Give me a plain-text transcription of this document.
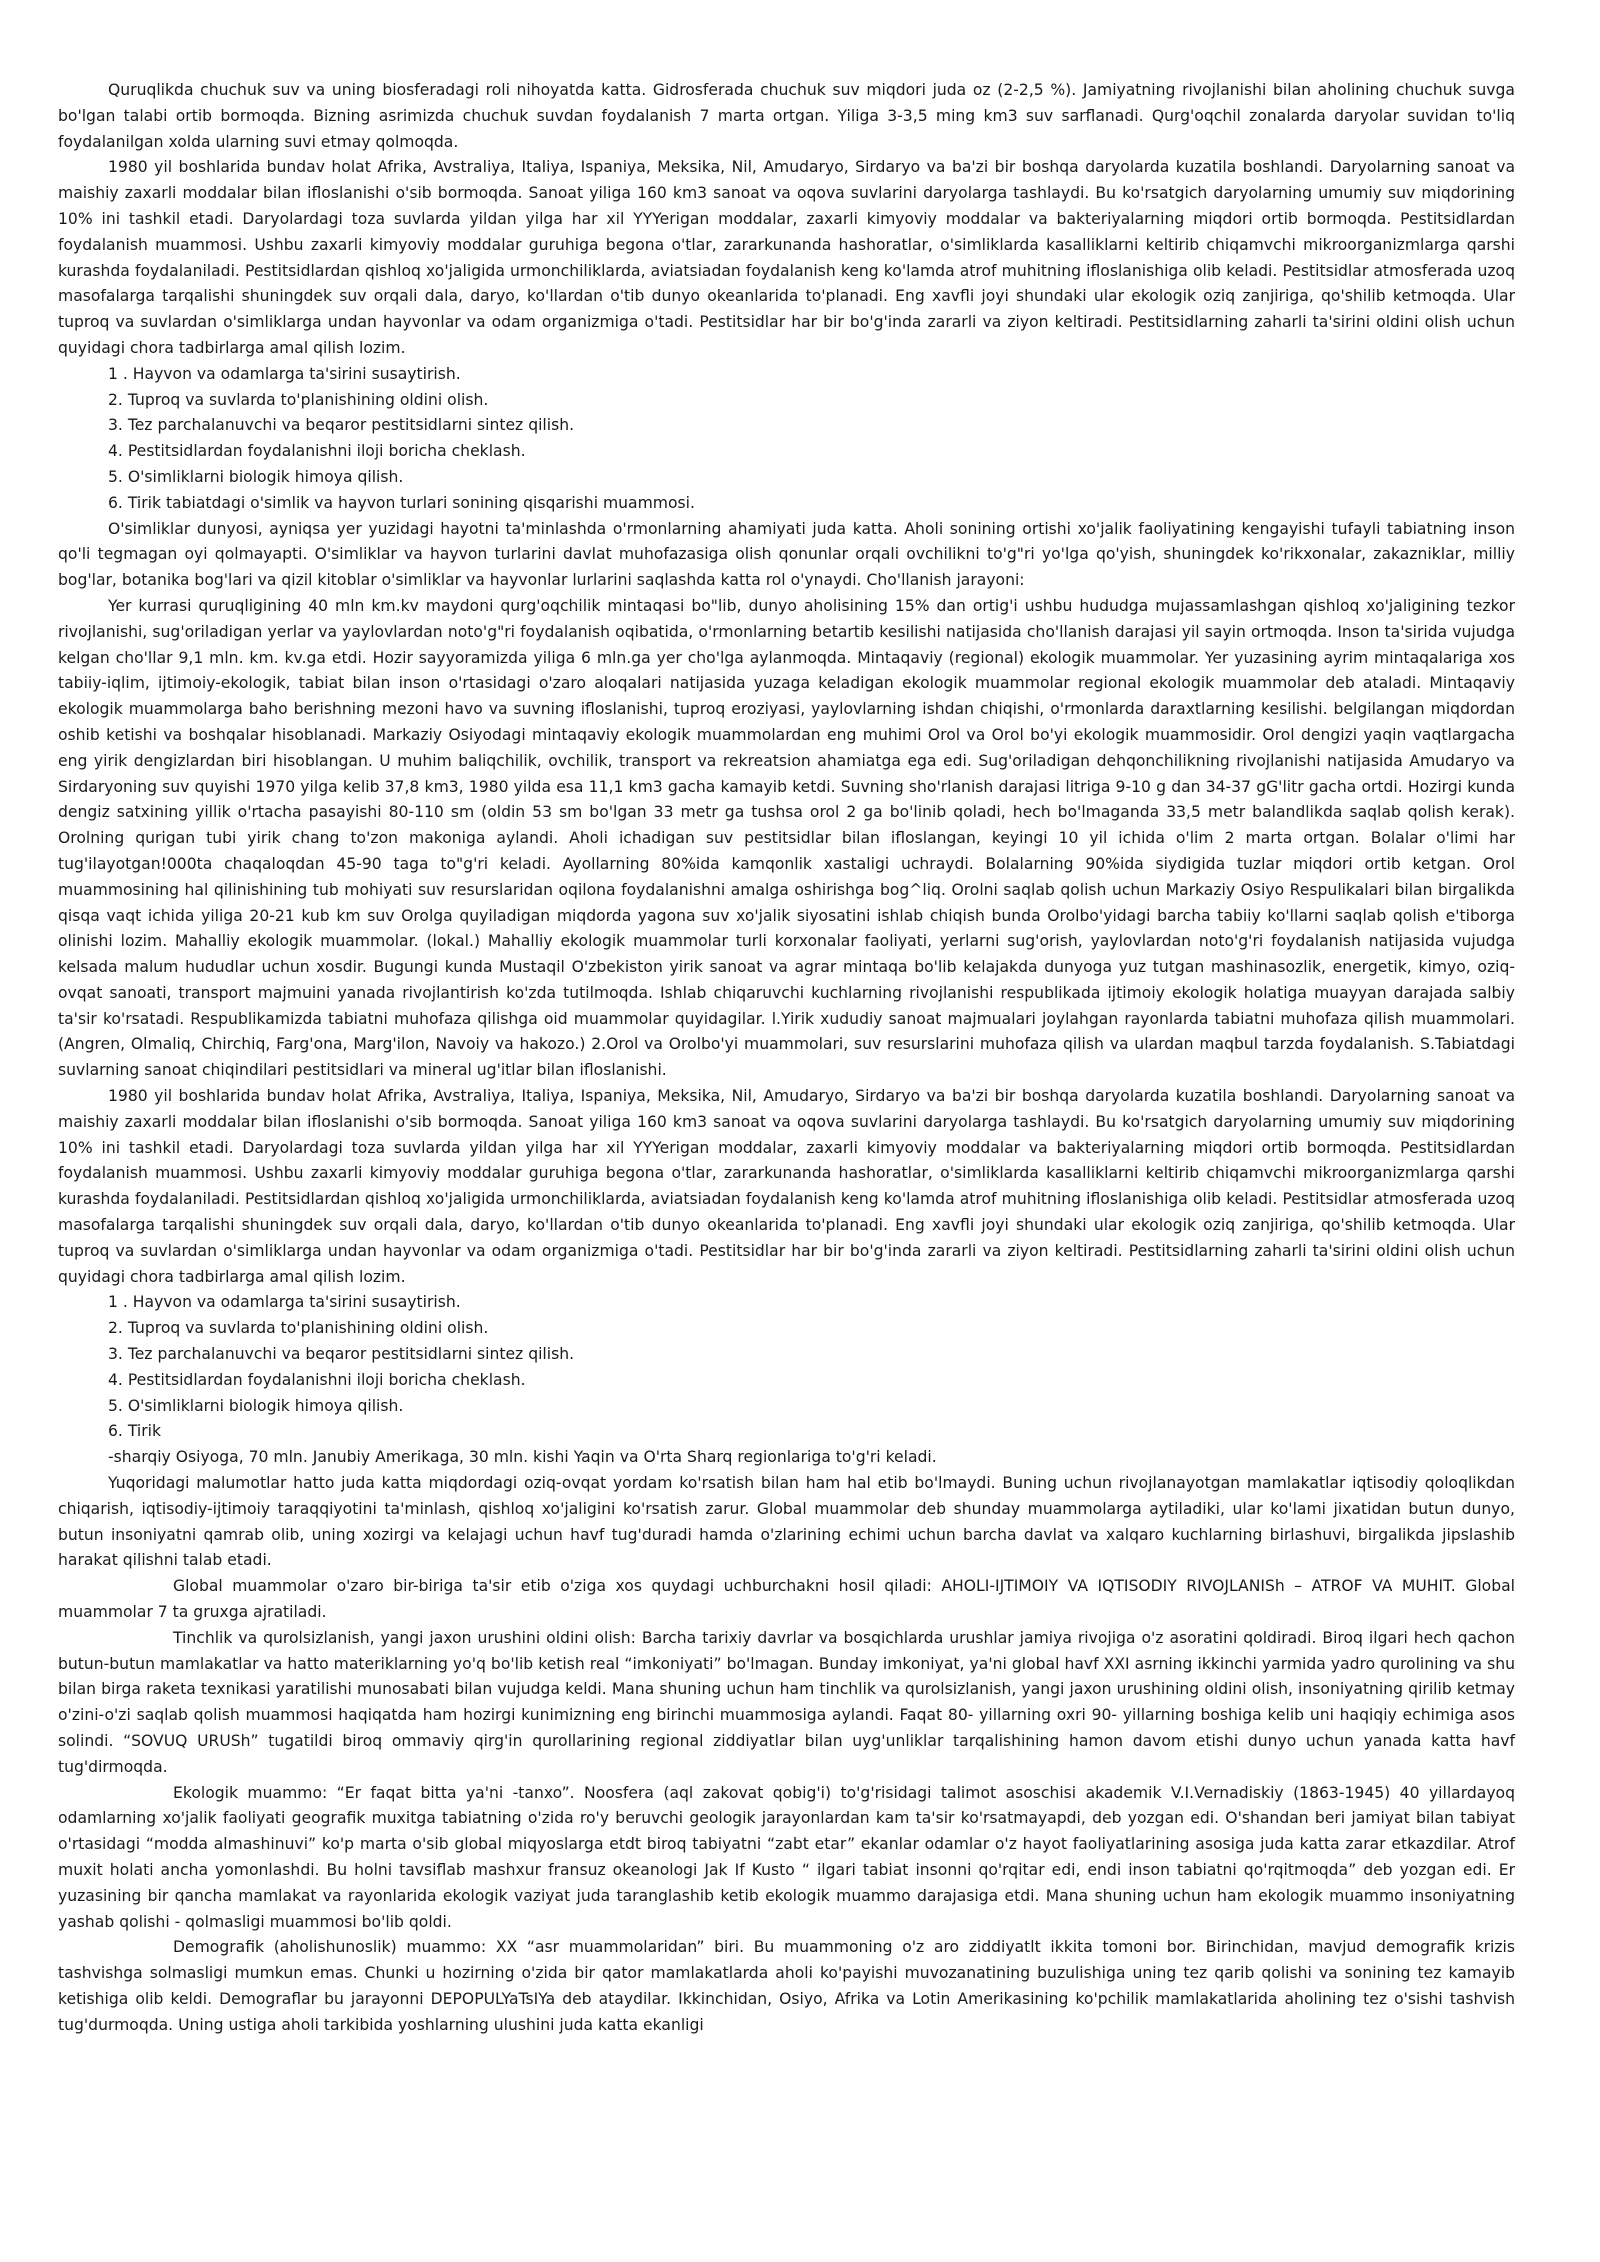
Quruqlikda chuchuk suv va uning biosferadagi roli nihoyatda katta. Gidrosferada chuchuk suv miqdori juda oz (2-2,5 %). Jamiyatning rivojlanishi bilan aholining chuchuk suvga bo'lgan talabi ortib bormoqda. Bizning asrimizda chuchuk suvdan foydalanish 7 marta ortgan. Yiliga 3-3,5 ming km3 suv sarflanadi. Qurg'oqchil zonalarda daryolar suvidan to'liq foydalanilgan xolda ularning suvi etmay qolmoqda.

1980 yil boshlarida bundav holat Afrika, Avstraliya, Italiya, Ispaniya, Meksika, Nil, Amudaryo, Sirdaryo va ba'zi bir boshqa daryolarda kuzatila boshlandi. Daryolarning sanoat va maishiy zaxarli moddalar bilan ifloslanishi o'sib bormoqda. Sanoat yiliga 160 km3 sanoat va oqova suvlarini daryolarga tashlaydi. Bu ko'rsatgich daryolarning umumiy suv miqdorining 10% ini tashkil etadi. Daryolardagi toza suvlarda yildan yilga har xil YYYerigan moddalar, zaxarli kimyoviy moddalar va bakteriyalarning miqdori ortib bormoqda. Pestitsidlardan foydalanish muammosi. Ushbu zaxarli kimyoviy moddalar guruhiga begona o'tlar, zararkunanda hashoratlar, o'simliklarda kasalliklarni keltirib chiqamvchi mikroorganizmlarga qarshi kurashda foydalaniladi. Pestitsidlardan qishloq xo'jaligida urmonchiliklarda, aviatsiadan foydalanish keng ko'lamda atrof muhitning ifloslanishiga olib keladi. Pestitsidlar atmosferada uzoq masofalarga tarqalishi shuningdek suv orqali dala, daryo, ko'llardan o'tib dunyo okeanlarida to'planadi. Eng xavfli joyi shundaki ular ekologik oziq zanjiriga, qo'shilib ketmoqda. Ular tuproq va suvlardan o'simliklarga undan hayvonlar va odam organizmiga o'tadi. Pestitsidlar har bir bo'g'inda zararli va ziyon keltiradi. Pestitsidlarning zaharli ta'sirini oldini olish uchun quyidagi chora tadbirlarga amal qilish lozim.

1 . Hayvon va odamlarga ta'sirini susaytirish.

2. Tuproq va suvlarda to'planishining oldini olish.

3. Tez parchalanuvchi va beqaror pestitsidlarni sintez qilish.

4. Pestitsidlardan foydalanishni iloji boricha cheklash.

5. O'simliklarni biologik himoya qilish.

6. Tirik tabiatdagi o'simlik va hayvon turlari sonining qisqarishi muammosi.

O'simliklar dunyosi, ayniqsa yer yuzidagi hayotni ta'minlashda o'rmonlarning ahamiyati juda katta. Aholi sonining ortishi xo'jalik faoliyatining kengayishi tufayli tabiatning inson qo'li tegmagan oyi qolmayapti. O'simliklar va hayvon turlarini davlat muhofazasiga olish qonunlar orqali ovchilikni to'g"ri yo'lga qo'yish, shuningdek ko'rikxonalar, zakazniklar, milliy bog'lar, botanika bog'lari va qizil kitoblar o'simliklar va hayvonlar lurlarini saqlashda katta rol o'ynaydi. Cho'llanish jarayoni:

Yer kurrasi quruqligining 40 mln km.kv maydoni qurg'oqchilik mintaqasi bo"lib, dunyo aholisining 15% dan ortig'i ushbu hududga mujassamlashgan qishloq xo'jaligining tezkor rivojlanishi, sug'oriladigan yerlar va yaylovlardan noto'g"ri foydalanish oqibatida, o'rmonlarning betartib kesilishi natijasida cho'llanish darajasi yil sayin ortmoqda. Inson ta'sirida vujudga kelgan cho'llar 9,1 mln. km. kv.ga etdi. Hozir sayyoramizda yiliga 6 mln.ga yer cho'lga aylanmoqda. Mintaqaviy (regional) ekologik muammolar. Yer yuzasining ayrim mintaqalariga xos tabiiy-iqlim, ijtimoiy-ekologik, tabiat bilan inson o'rtasidagi o'zaro aloqalari natijasida yuzaga keladigan ekologik muammolar regional ekologik muammolar deb ataladi. Mintaqaviy ekologik muammolarga baho berishning mezoni havo va suvning ifloslanishi, tuproq eroziyasi, yaylovlarning ishdan chiqishi, o'rmonlarda daraxtlarning kesilishi. belgilangan miqdordan oshib ketishi va boshqalar hisoblanadi. Markaziy Osiyodagi mintaqaviy ekologik muammolardan eng muhimi Orol va Orol bo'yi ekologik muammosidir. Orol dengizi yaqin vaqtlargacha eng yirik dengizlardan biri hisoblangan. U muhim baliqchilik, ovchilik, transport va rekreatsion ahamiatga ega edi. Sug'oriladigan dehqonchilikning rivojlanishi natijasida Amudaryo va Sirdaryoning suv quyishi 1970 yilga kelib 37,8 km3, 1980 yilda esa 11,1 km3 gacha kamayib ketdi. Suvning sho'rlanish darajasi litriga 9-10 g dan 34-37 gG'litr gacha ortdi. Hozirgi kunda dengiz satxining yillik o'rtacha pasayishi 80-110 sm (oldin 53 sm bo'lgan 33 metr ga tushsa orol 2 ga bo'linib qoladi, hech bo'lmaganda 33,5 metr balandlikda saqlab qolish kerak). Orolning qurigan tubi yirik chang to'zon makoniga aylandi. Aholi ichadigan suv pestitsidlar bilan ifloslangan, keyingi 10 yil ichida o'lim 2 marta ortgan. Bolalar o'limi har tug'ilayotgan!000ta chaqaloqdan 45-90 taga to"g'ri keladi. Ayollarning 80%ida kamqonlik xastaligi uchraydi. Bolalarning 90%ida siydigida tuzlar miqdori ortib ketgan. Orol muammosining hal qilinishining tub mohiyati suv resurslaridan oqilona foydalanishni amalga oshirishga bog^liq. Orolni saqlab qolish uchun Markaziy Osiyo Respulikalari bilan birgalikda qisqa vaqt ichida yiliga 20-21 kub km suv Orolga quyiladigan miqdorda yagona suv xo'jalik siyosatini ishlab chiqish bunda Orolbo'yidagi barcha tabiiy ko'llarni saqlab qolish e'tiborga olinishi lozim. Mahalliy ekologik muammolar. (lokal.) Mahalliy ekologik muammolar turli korxonalar faoliyati, yerlarni sug'orish, yaylovlardan noto'g'ri foydalanish natijasida vujudga kelsada malum hududlar uchun xosdir. Bugungi kunda Mustaqil O'zbekiston yirik sanoat va agrar mintaqa bo'lib kelajakda dunyoga yuz tutgan mashinasozlik, energetik, kimyo, oziq-ovqat sanoati, transport majmuini yanada rivojlantirish ko'zda tutilmoqda. Ishlab chiqaruvchi kuchlarning rivojlanishi respublikada ijtimoiy ekologik holatiga muayyan darajada salbiy ta'sir ko'rsatadi. Respublikamizda tabiatni muhofaza qilishga oid muammolar quyidagilar. l.Yirik xududiy sanoat majmualari joylahgan rayonlarda tabiatni muhofaza qilish muammolari. (Angren, Olmaliq, Chirchiq, Farg'ona, Marg'ilon, Navoiy va hakozo.) 2.Orol va Orolbo'yi muammolari, suv resurslarini muhofaza qilish va ulardan maqbul tarzda foydalanish. S.Tabiatdagi suvlarning sanoat chiqindilari pestitsidlari va mineral ug'itlar bilan ifloslanishi.

1980 yil boshlarida bundav holat Afrika, Avstraliya, Italiya, Ispaniya, Meksika, Nil, Amudaryo, Sirdaryo va ba'zi bir boshqa daryolarda kuzatila boshlandi. Daryolarning sanoat va maishiy zaxarli moddalar bilan ifloslanishi o'sib bormoqda. Sanoat yiliga 160 km3 sanoat va oqova suvlarini daryolarga tashlaydi. Bu ko'rsatgich daryolarning umumiy suv miqdorining 10% ini tashkil etadi. Daryolardagi toza suvlarda yildan yilga har xil YYYerigan moddalar, zaxarli kimyoviy moddalar va bakteriyalarning miqdori ortib bormoqda. Pestitsidlardan foydalanish muammosi. Ushbu zaxarli kimyoviy moddalar guruhiga begona o'tlar, zararkunanda hashoratlar, o'simliklarda kasalliklarni keltirib chiqamvchi mikroorganizmlarga qarshi kurashda foydalaniladi. Pestitsidlardan qishloq xo'jaligida urmonchiliklarda, aviatsiadan foydalanish keng ko'lamda atrof muhitning ifloslanishiga olib keladi. Pestitsidlar atmosferada uzoq masofalarga tarqalishi shuningdek suv orqali dala, daryo, ko'llardan o'tib dunyo okeanlarida to'planadi. Eng xavfli joyi shundaki ular ekologik oziq zanjiriga, qo'shilib ketmoqda. Ular tuproq va suvlardan o'simliklarga undan hayvonlar va odam organizmiga o'tadi. Pestitsidlar har bir bo'g'inda zararli va ziyon keltiradi. Pestitsidlarning zaharli ta'sirini oldini olish uchun quyidagi chora tadbirlarga amal qilish lozim.

1 . Hayvon va odamlarga ta'sirini susaytirish.

2. Tuproq va suvlarda to'planishining oldini olish.

3. Tez parchalanuvchi va beqaror pestitsidlarni sintez qilish.

4. Pestitsidlardan foydalanishni iloji boricha cheklash.

5. O'simliklarni biologik himoya qilish.

6. Tirik

-sharqiy Osiyoga, 70 mln. Janubiy Amerikaga, 30 mln. kishi Yaqin va O'rta Sharq regionlariga to'g'ri keladi.

Yuqoridagi malumotlar hatto juda katta miqdordagi oziq-ovqat yordam ko'rsatish bilan ham hal etib bo'lmaydi. Buning uchun rivojlanayotgan mamlakatlar iqtisodiy qoloqlikdan chiqarish, iqtisodiy-ijtimoiy taraqqiyotini ta'minlash, qishloq xo'jaligini ko'rsatish zarur. Global muammolar deb shunday muammolarga aytiladiki, ular ko'lami jixatidan butun dunyo, butun insoniyatni qamrab olib, uning xozirgi va kelajagi uchun havf tug'duradi hamda o'zlarining echimi uchun barcha davlat va xalqaro kuchlarning birlashuvi, birgalikda jipslashib harakat qilishni talab etadi.

Global muammolar o'zaro bir-biriga ta'sir etib o'ziga xos quydagi uchburchakni hosil qiladi: AHOLI-IJTIMOIY VA IQTISODIY RIVOJLANISh – ATROF VA MUHIT. Global muammolar 7 ta gruxga ajratiladi.

Tinchlik va qurolsizlanish, yangi jaxon urushini oldini olish: Barcha tarixiy davrlar va bosqichlarda urushlar jamiya rivojiga o'z asoratini qoldiradi. Biroq ilgari hech qachon butun-butun mamlakatlar va hatto materiklarning yo'q bo'lib ketish real “imkoniyati” bo'lmagan. Bunday imkoniyat, ya'ni global havf XXI asrning ikkinchi yarmida yadro qurolining va shu bilan birga raketa texnikasi yaratilishi munosabati bilan vujudga keldi. Mana shuning uchun ham tinchlik va qurolsizlanish, yangi jaxon urushining oldini olish, insoniyatning qirilib ketmay o'zini-o'zi saqlab qolish muammosi haqiqatda ham hozirgi kunimizning eng birinchi muammosiga aylandi. Faqat 80- yillarning oxri 90- yillarning boshiga kelib uni haqiqiy echimiga asos solindi. “SOVUQ URUSh” tugatildi biroq ommaviy qirg'in qurollarining regional ziddiyatlar bilan uyg'unliklar tarqalishining hamon davom etishi dunyo uchun yanada katta havf tug'dirmoqda.

Ekologik muammo: “Er faqat bitta ya'ni -tanxo”. Noosfera (aql zakovat qobig'i) to'g'risidagi talimot asoschisi akademik V.I.Vernadiskiy (1863-1945) 40 yillardayoq odamlarning xo'jalik faoliyati geografik muxitga tabiatning o'zida ro'y beruvchi geologik jarayonlardan kam ta'sir ko'rsatmayapdi, deb yozgan edi. O'shandan beri jamiyat bilan tabiyat o'rtasidagi “modda almashinuvi” ko'p marta o'sib global miqyoslarga etdt biroq tabiyatni “zabt etar” ekanlar odamlar o'z hayot faoliyatlarining asosiga juda katta zarar etkazdilar. Atrof muxit holati ancha yomonlashdi. Bu holni tavsiflab mashxur fransuz okeanologi Jak If Kusto “ ilgari tabiat insonni qo'rqitar edi, endi inson tabiatni qo'rqitmoqda” deb yozgan edi. Er yuzasining bir qancha mamlakat va rayonlarida ekologik vaziyat juda taranglashib ketib ekologik muammo darajasiga etdi. Mana shuning uchun ham ekologik muammo insoniyatning yashab qolishi - qolmasligi muammosi bo'lib qoldi.

Demografik (aholishunoslik) muammo: XX “asr muammolaridan” biri. Bu muammoning o'z aro ziddiyatlt ikkita tomoni bor. Birinchidan, mavjud demografik krizis tashvishga solmasligi mumkun emas. Chunki u hozirning o'zida bir qator mamlakatlarda aholi ko'payishi muvozanatining buzulishiga uning tez qarib qolishi va sonining tez kamayib ketishiga olib keldi. Demograflar bu jarayonni DEPOPULYaTsIYa deb ataydilar. Ikkinchidan, Osiyo, Afrika va Lotin Amerikasining ko'pchilik mamlakatlarida aholining tez o'sishi tashvish tug'durmoqda. Uning ustiga aholi tarkibida yoshlarning ulushini juda katta ekanligi
